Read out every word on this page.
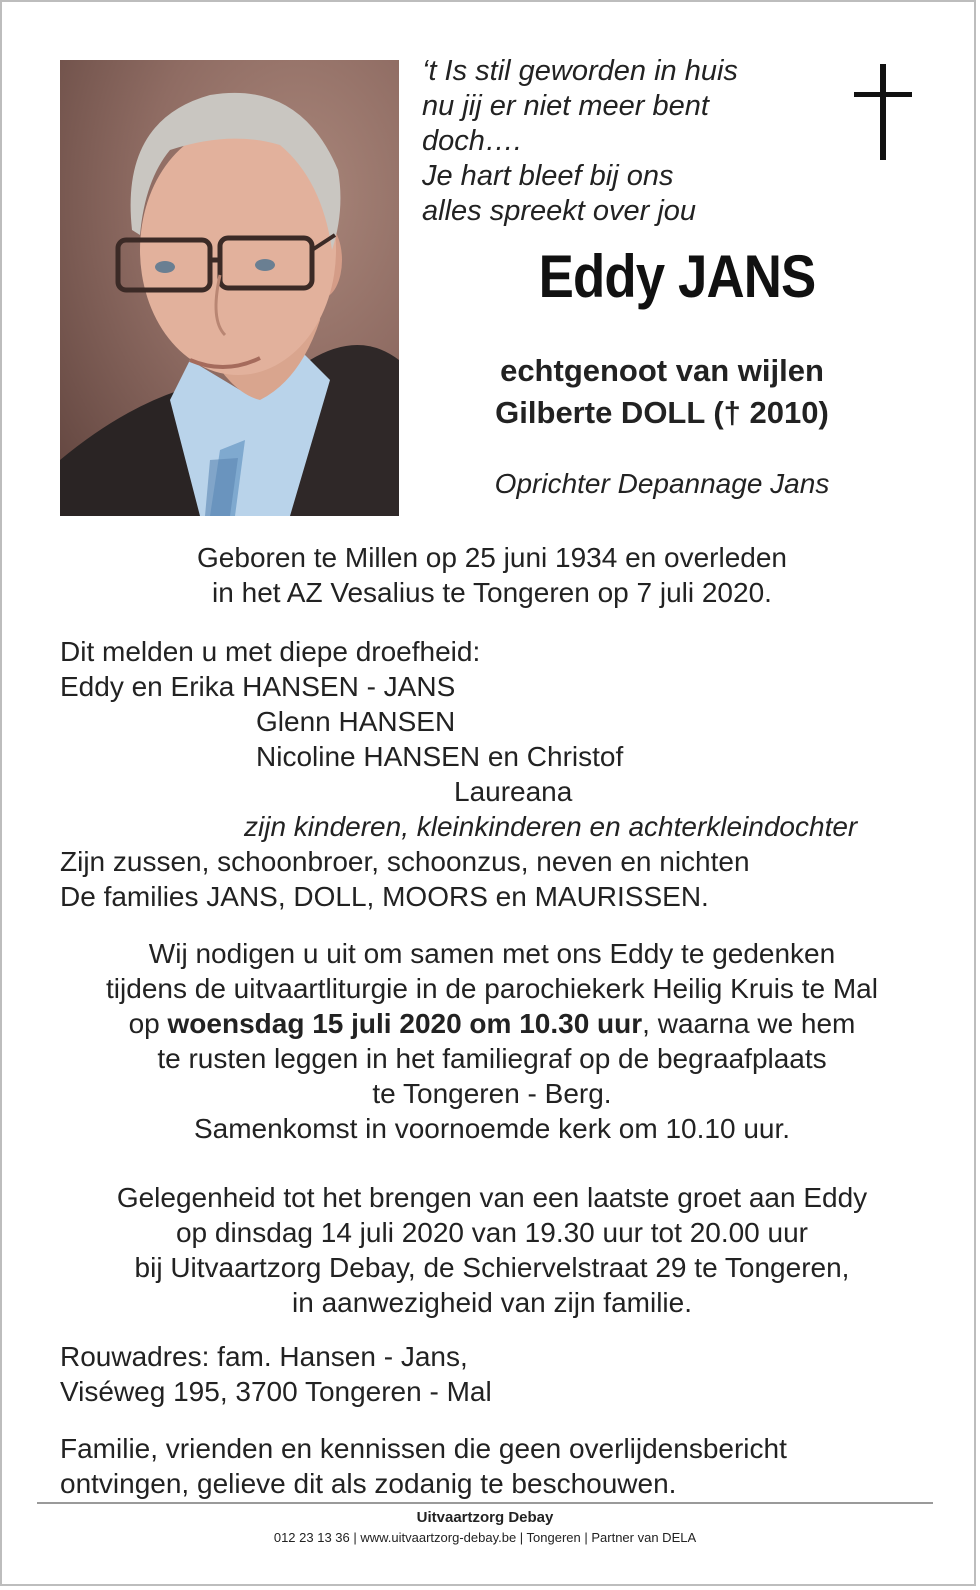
‘t Is stil geworden in huis
nu jij er niet meer bent
doch….
Je hart bleef bij ons
alles spreekt over jou
Eddy JANS
echtgenoot van wijlen
Gilberte DOLL († 2010)
Oprichter Depannage Jans
Geboren te Millen op 25 juni 1934 en overleden
in het AZ Vesalius te Tongeren op 7 juli 2020.
Dit melden u met diepe droefheid:
Eddy en Erika HANSEN - JANS
Glenn HANSEN
Nicoline HANSEN en Christof
Laureana
zijn kinderen, kleinkinderen en achterkleindochter
Zijn zussen, schoonbroer, schoonzus, neven en nichten
De families JANS, DOLL, MOORS en MAURISSEN.
Wij nodigen u uit om samen met ons Eddy te gedenken
tijdens de uitvaartliturgie in de parochiekerk Heilig Kruis te Mal
op woensdag 15 juli 2020 om 10.30 uur, waarna we hem
te rusten leggen in het familiegraf op de begraafplaats
te Tongeren - Berg.
Samenkomst in voornoemde kerk om 10.10 uur.
Gelegenheid tot het brengen van een laatste groet aan Eddy
op dinsdag 14 juli 2020 van 19.30 uur tot 20.00 uur
bij Uitvaartzorg Debay, de Schiervelstraat 29 te Tongeren,
in aanwezigheid van zijn familie.
Rouwadres: fam. Hansen - Jans,
Viséweg 195, 3700 Tongeren - Mal
Familie, vrienden en kennissen die geen overlijdensbericht
ontvingen, gelieve dit als zodanig te beschouwen.
Uitvaartzorg Debay
012 23 13 36 | www.uitvaartzorg-debay.be | Tongeren | Partner van DELA
